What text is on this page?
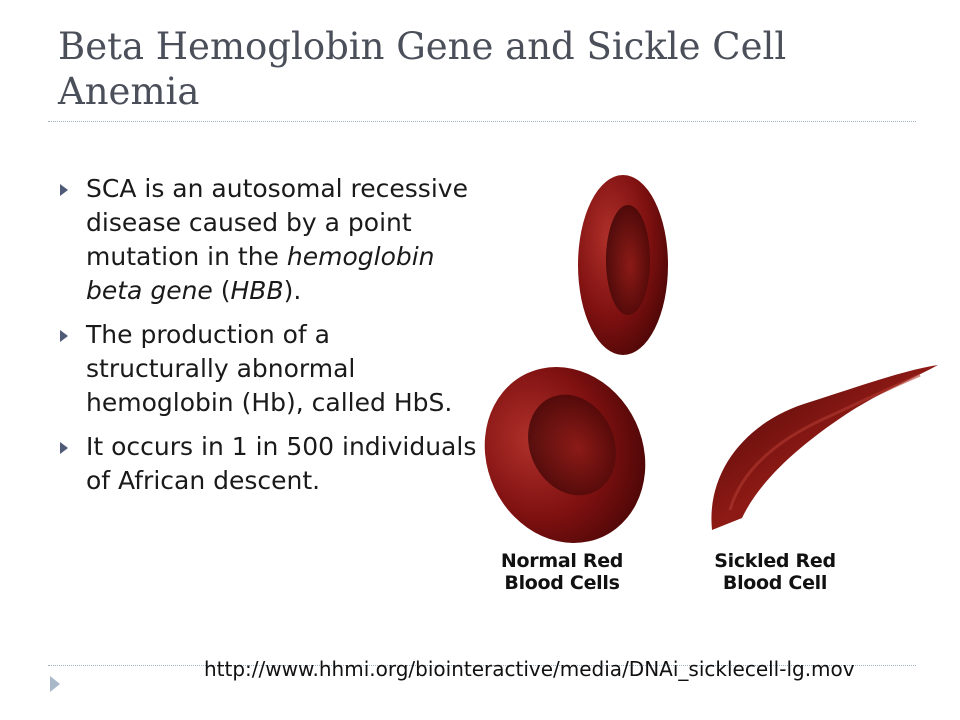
Beta Hemoglobin Gene and Sickle Cell Anemia
SCA is an autosomal recessive disease caused by a point mutation in the hemoglobin beta gene (HBB).
The production of a structurally abnormal hemoglobin (Hb), called HbS.
It occurs in 1 in 500 individuals of African descent.
Normal Red
Blood Cells
Sickled Red
Blood Cell
http://www.hhmi.org/biointeractive/media/DNAi_sicklecell-lg.mov
